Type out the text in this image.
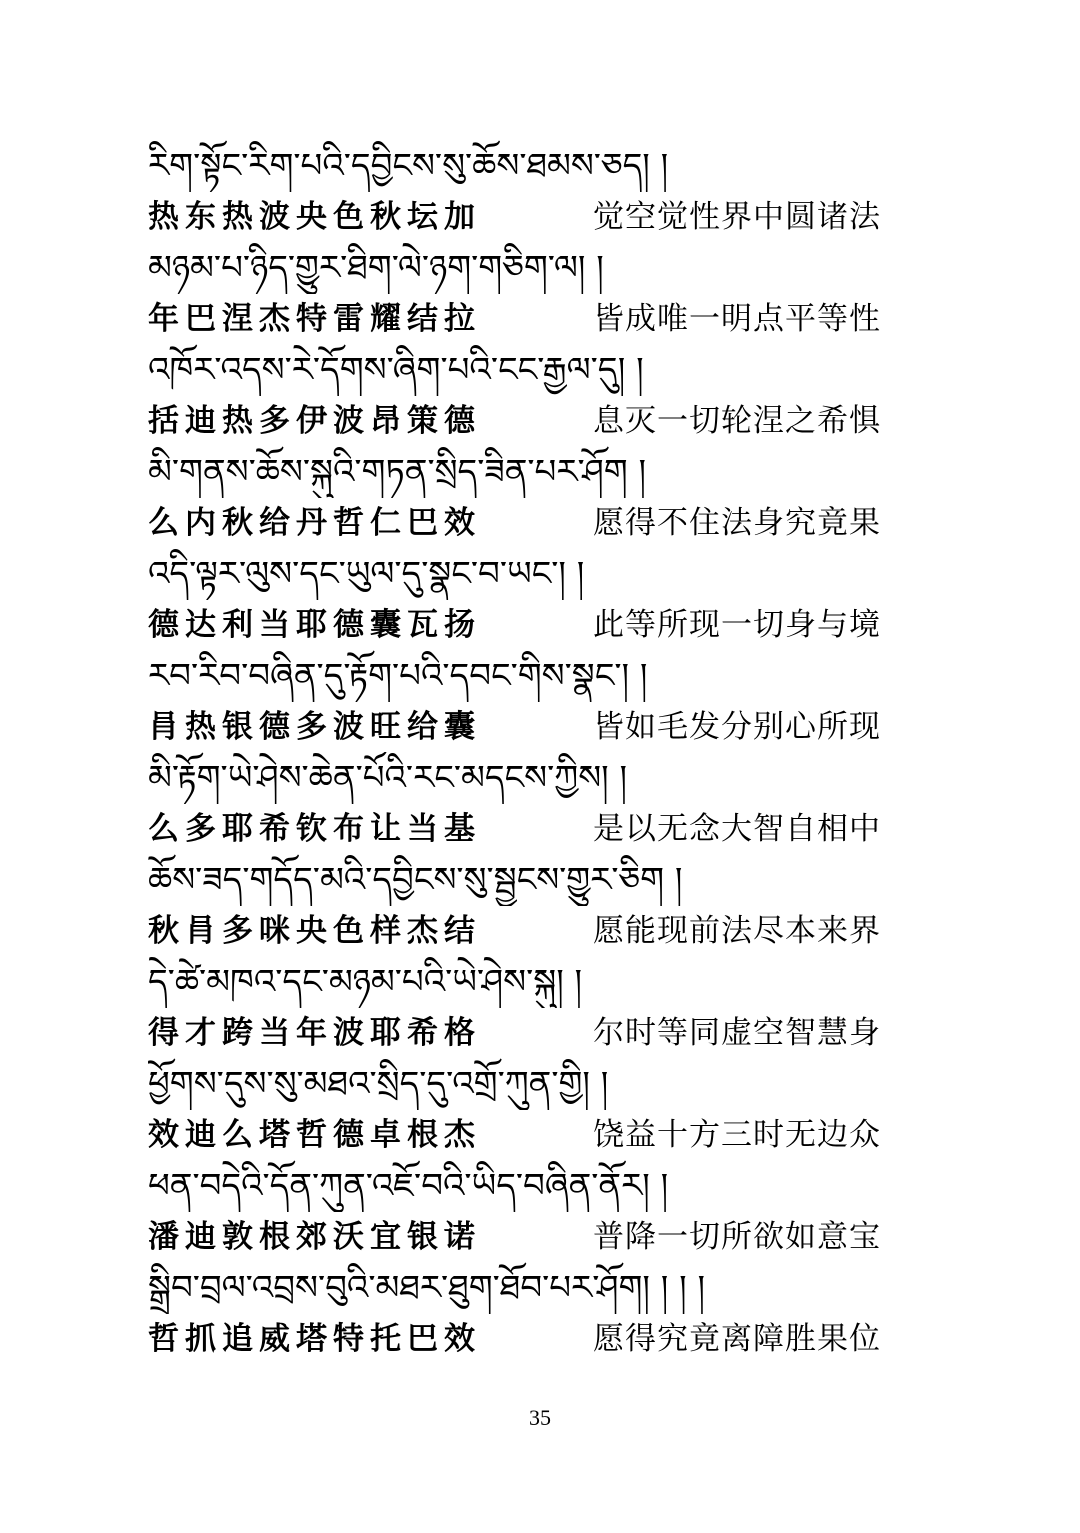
རིག་སྟོང་རིག་པའི་དབྱིངས་སུ་ཆོས་ཐམས་ཅད། །
热东热波央色秋坛加	觉空觉性界中圆诸法
མཉམ་པ་ཉིད་གྱུར་ཐིག་ལེ་ཉག་གཅིག་ལ། །
年巴涅杰特雷耀结拉	皆成唯一明点平等性
འཁོར་འདས་རེ་དོགས་ཞིག་པའི་ངང་རྒྱལ་དུ། །
括迪热多伊波昂策德	息灭一切轮涅之希惧
མི་གནས་ཆོས་སྐུའི་གཏན་སྲིད་ཟིན་པར་ཤོག །
么内秋给丹哲仁巴效	愿得不住法身究竟果
འདི་ལྟར་ལུས་དང་ཡུལ་དུ་སྣང་བ་ཡང་། །
德达利当耶德囊瓦扬	此等所现一切身与境
རབ་རིབ་བཞིན་དུ་རྟོག་པའི་དབང་གིས་སྣང་། །
肙热银德多波旺给囊	皆如毛发分别心所现
མི་རྟོག་ཡེ་ཤེས་ཆེན་པོའི་རང་མདངས་ཀྱིས། །
么多耶希钦布让当基	是以无念大智自相中
ཆོས་ཟད་གདོད་མའི་དབྱིངས་སུ་སྦྱངས་གྱུར་ཅིག །
秋肙多咪央色样杰结	愿能现前法尽本来界
དེ་ཚེ་མཁའ་དང་མཉམ་པའི་ཡེ་ཤེས་སྐུ། །
得才跨当年波耶希格	尔时等同虚空智慧身
ཕྱོགས་དུས་སུ་མཐའ་སྲིད་དུ་འགྲོ་ཀུན་གྱི། །
效迪么塔哲德卓根杰	饶益十方三时无边众
ཕན་བདེའི་དོན་ཀུན་འཇོ་བའི་ཡིད་བཞིན་ནོར། །
潘迪敦根郊沃宜银诺	普降一切所欲如意宝
སྒྲིབ་བྲལ་འབྲས་བུའི་མཐར་ཐུག་ཐོབ་པར་ཤོག། ། ། །
哲抓追威塔特托巴效	愿得究竟离障胜果位
35
